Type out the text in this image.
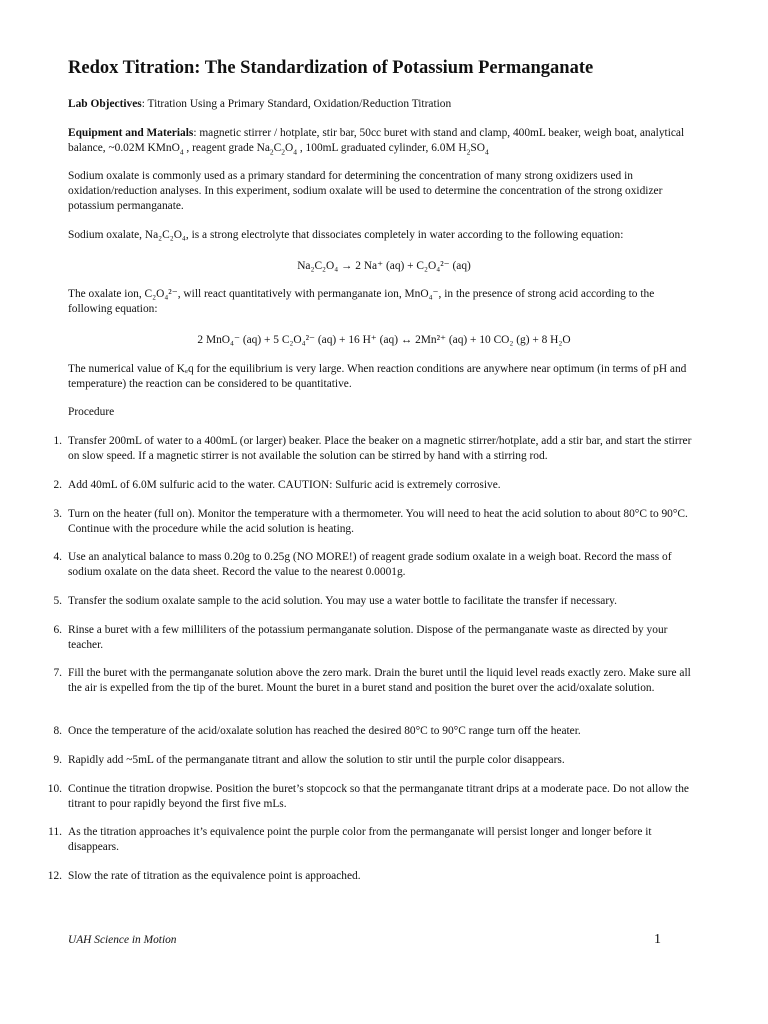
Redox Titration: The Standardization of Potassium Permanganate
Lab Objectives: Titration Using a Primary Standard, Oxidation/Reduction Titration
Equipment and Materials: magnetic stirrer / hotplate, stir bar, 50cc buret with stand and clamp, 400mL beaker, weigh boat, analytical balance, ~0.02M KMnO$_4$ , reagent grade $Na_2C_2O_4$ , 100mL graduated cylinder, 6.0M $H_2SO_4$
Sodium oxalate is commonly used as a primary standard for determining the concentration of many strong oxidizers used in oxidation/reduction analyses. In this experiment, sodium oxalate will be used to determine the concentration of the strong oxidizer potassium permanganate.
Sodium oxalate, Na₂C₂O₄, is a strong electrolyte that dissociates completely in water according to the following equation:
Na₂C₂O₄ → 2 Na⁺ (aq) + C₂O₄²⁻ (aq)
The oxalate ion, C₂O₄²⁻, will react quantitatively with permanganate ion, MnO₄⁻, in the presence of strong acid according to the following equation:
2 MnO₄⁻ (aq) + 5 C₂O₄²⁻ (aq) + 16 H⁺ (aq) ↔ 2Mn²⁺ (aq) + 10 CO₂ (g) + 8 H₂O
The numerical value of Kₑq for the equilibrium is very large. When reaction conditions are anywhere near optimum (in terms of pH and temperature) the reaction can be considered to be quantitative.
Procedure
1. Transfer 200mL of water to a 400mL (or larger) beaker. Place the beaker on a magnetic stirrer/hotplate, add a stir bar, and start the stirrer on slow speed. If a magnetic stirrer is not available the solution can be stirred by hand with a stirring rod.
2. Add 40mL of 6.0M sulfuric acid to the water. CAUTION: Sulfuric acid is extremely corrosive.
3. Turn on the heater (full on). Monitor the temperature with a thermometer. You will need to heat the acid solution to about 80°C to 90°C. Continue with the procedure while the acid solution is heating.
4. Use an analytical balance to mass 0.20g to 0.25g (NO MORE!) of reagent grade sodium oxalate in a weigh boat. Record the mass of sodium oxalate on the data sheet. Record the value to the nearest 0.0001g.
5. Transfer the sodium oxalate sample to the acid solution. You may use a water bottle to facilitate the transfer if necessary.
6. Rinse a buret with a few milliliters of the potassium permanganate solution. Dispose of the permanganate waste as directed by your teacher.
7. Fill the buret with the permanganate solution above the zero mark. Drain the buret until the liquid level reads exactly zero. Make sure all the air is expelled from the tip of the buret. Mount the buret in a buret stand and position the buret over the acid/oxalate solution.
8. Once the temperature of the acid/oxalate solution has reached the desired 80°C to 90°C range turn off the heater.
9. Rapidly add ~5mL of the permanganate titrant and allow the solution to stir until the purple color disappears.
10. Continue the titration dropwise. Position the buret’s stopcock so that the permanganate titrant drips at a moderate pace. Do not allow the titrant to pour rapidly beyond the first five mLs.
11. As the titration approaches it’s equivalence point the purple color from the permanganate will persist longer and longer before it disappears.
12. Slow the rate of titration as the equivalence point is approached.
UAH Science in Motion	1
